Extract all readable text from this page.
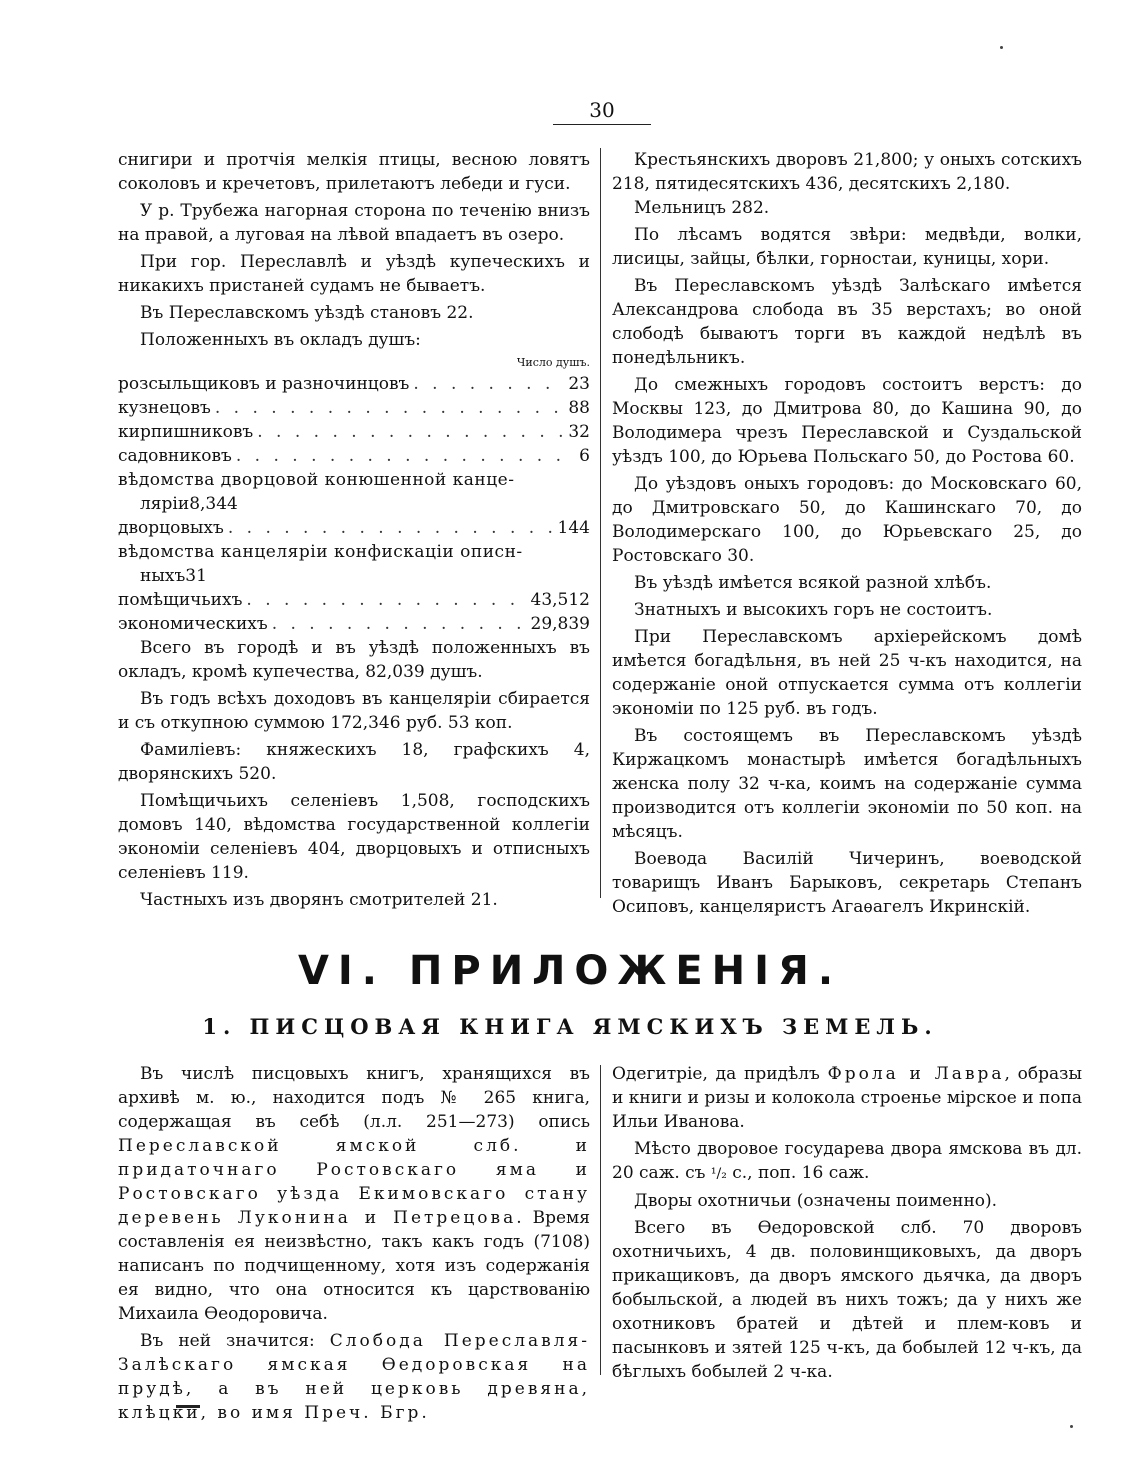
30

снигири и протчія мелкія птицы, весною ловятъ соколовъ и кречетовъ, прилетаютъ лебеди и гуси.

У р. Трубежа нагорная сторона по теченію внизъ на правой, а луговая на лѣвой впадаетъ въ озеро.

При гор. Переславлѣ и уѣздѣ купеческихъ и никакихъ пристаней судамъ не бываетъ.

Въ Переславскомъ уѣздѣ становъ 22.

Положенныхъ въ окладъ душъ:

Число душъ.
розсыльщиковъ и разночинцовъ . . .	23
кузнецовъ . . .	88
кирпишниковъ . . .	32
садовниковъ . . .	6
вѣдомства дворцовой конюшенной канце-
ляріи 8,344
дворцовыхъ . . .	144
вѣдомства канцеляріи конфискаціи описн-
ныхъ 31
помѣщичьихъ . . .	43,512
экономическихъ . . .	29,839

Всего въ городѣ и въ уѣздѣ положенныхъ въ окладъ, кромѣ купечества, 82,039 душъ.

Въ годъ всѣхъ доходовъ въ канцеляріи сбирается и съ откупною суммою 172,346 руб. 53 коп.

Фамиліевъ: княжескихъ 18, графскихъ 4, дворянскихъ 520.

Помѣщичьихъ селеніевъ 1,508, господскихъ домовъ 140, вѣдомства государственной коллегіи экономіи селеніевъ 404, дворцовыхъ и отписныхъ селеніевъ 119.

Частныхъ изъ дворянъ смотрителей 21.

Крестьянскихъ дворовъ 21,800; у оныхъ сотскихъ 218, пятидесятскихъ 436, десятскихъ 2,180.

Мельницъ 282.

По лѣсамъ водятся звѣри: медвѣди, волки, лисицы, зайцы, бѣлки, горностаи, куницы, хори.

Въ Переславскомъ уѣздѣ Залѣскаго имѣется Александрова слобода въ 35 верстахъ; во оной слободѣ бываютъ торги въ каждой недѣлѣ въ понедѣльникъ.

До смежныхъ городовъ состоитъ верстъ: до Москвы 123, до Дмитрова 80, до Кашина 90, до Володимера чрезъ Переславской и Суздальской уѣздъ 100, до Юрьева Польскаго 50, до Ростова 60.

До уѣздовъ оныхъ городовъ: до Московскаго 60, до Дмитровскаго 50, до Кашинскаго 70, до Володимерскаго 100, до Юрьевскаго 25, до Ростовскаго 30.

Въ уѣздѣ имѣется всякой разной хлѣбъ.

Знатныхъ и высокихъ горъ не состоитъ.

При Переславскомъ архіерейскомъ домѣ имѣется богадѣльня, въ ней 25 ч-къ находится, на содержаніе оной отпускается сумма отъ коллегіи экономіи по 125 руб. въ годъ.

Въ состоящемъ въ Переславскомъ уѣздѣ Киржацкомъ монастырѣ имѣется богадѣльныхъ женска полу 32 ч-ка, коимъ на содержаніе сумма производится отъ коллегіи экономіи по 50 коп. на мѣсяцъ.

Воевода Василій Чичеринъ, воеводской товарищъ Иванъ Барыковъ, секретарь Степанъ Осиповъ, канцеляристъ Агаѳагелъ Икринскій.

VI. ПРИЛОЖЕНІЯ.
1. ПИСЦОВАЯ КНИГА ЯМСКИХЪ ЗЕМЕЛЬ.

Въ числѣ писцовыхъ книгъ, хранящихся въ архивѣ м. ю., находится подъ № 265 книга, содержащая въ себѣ (л.л. 251—273) опись Переславской ямской слб. и придаточнаго Ростовскаго яма и Ростовскаго уѣзда Екимовскаго стану деревень Луконина и Петрецова. Время составленія ея неизвѣстно, такъ какъ годъ (7108) написанъ по подчищенному, хотя изъ содержанія ея видно, что она относится къ царствованію Михаила Ѳеодоровича.

Въ ней значится: Слобода Переславля-Залѣскаго ямская Ѳедоровская на прудѣ, а въ ней церковь древяна, клѣцки, во имя Преч. Бгр.

Одегитріе, да придѣлъ Фрола и Лавра, образы и книги и ризы и колокола строенье мірское и попа Ильи Иванова.

Мѣсто дворовое государева двора ямскова въ дл. 20 саж. съ ¹/₂ с., поп. 16 саж.

Дворы охотничьи (означены поименно).

Всего въ Ѳедоровской слб. 70 дворовъ охотничьихъ, 4 дв. половинщиковыхъ, да дворъ прикащиковъ, да дворъ ямского дьячка, да дворъ бобыльской, а людей въ нихъ тожъ; да у нихъ же охотниковъ братей и дѣтей и плем-ковъ и пасынковъ и зятей 125 ч-къ, да бобылей 12 ч-къ, да бѣглыхъ бобылей 2 ч-ка.
